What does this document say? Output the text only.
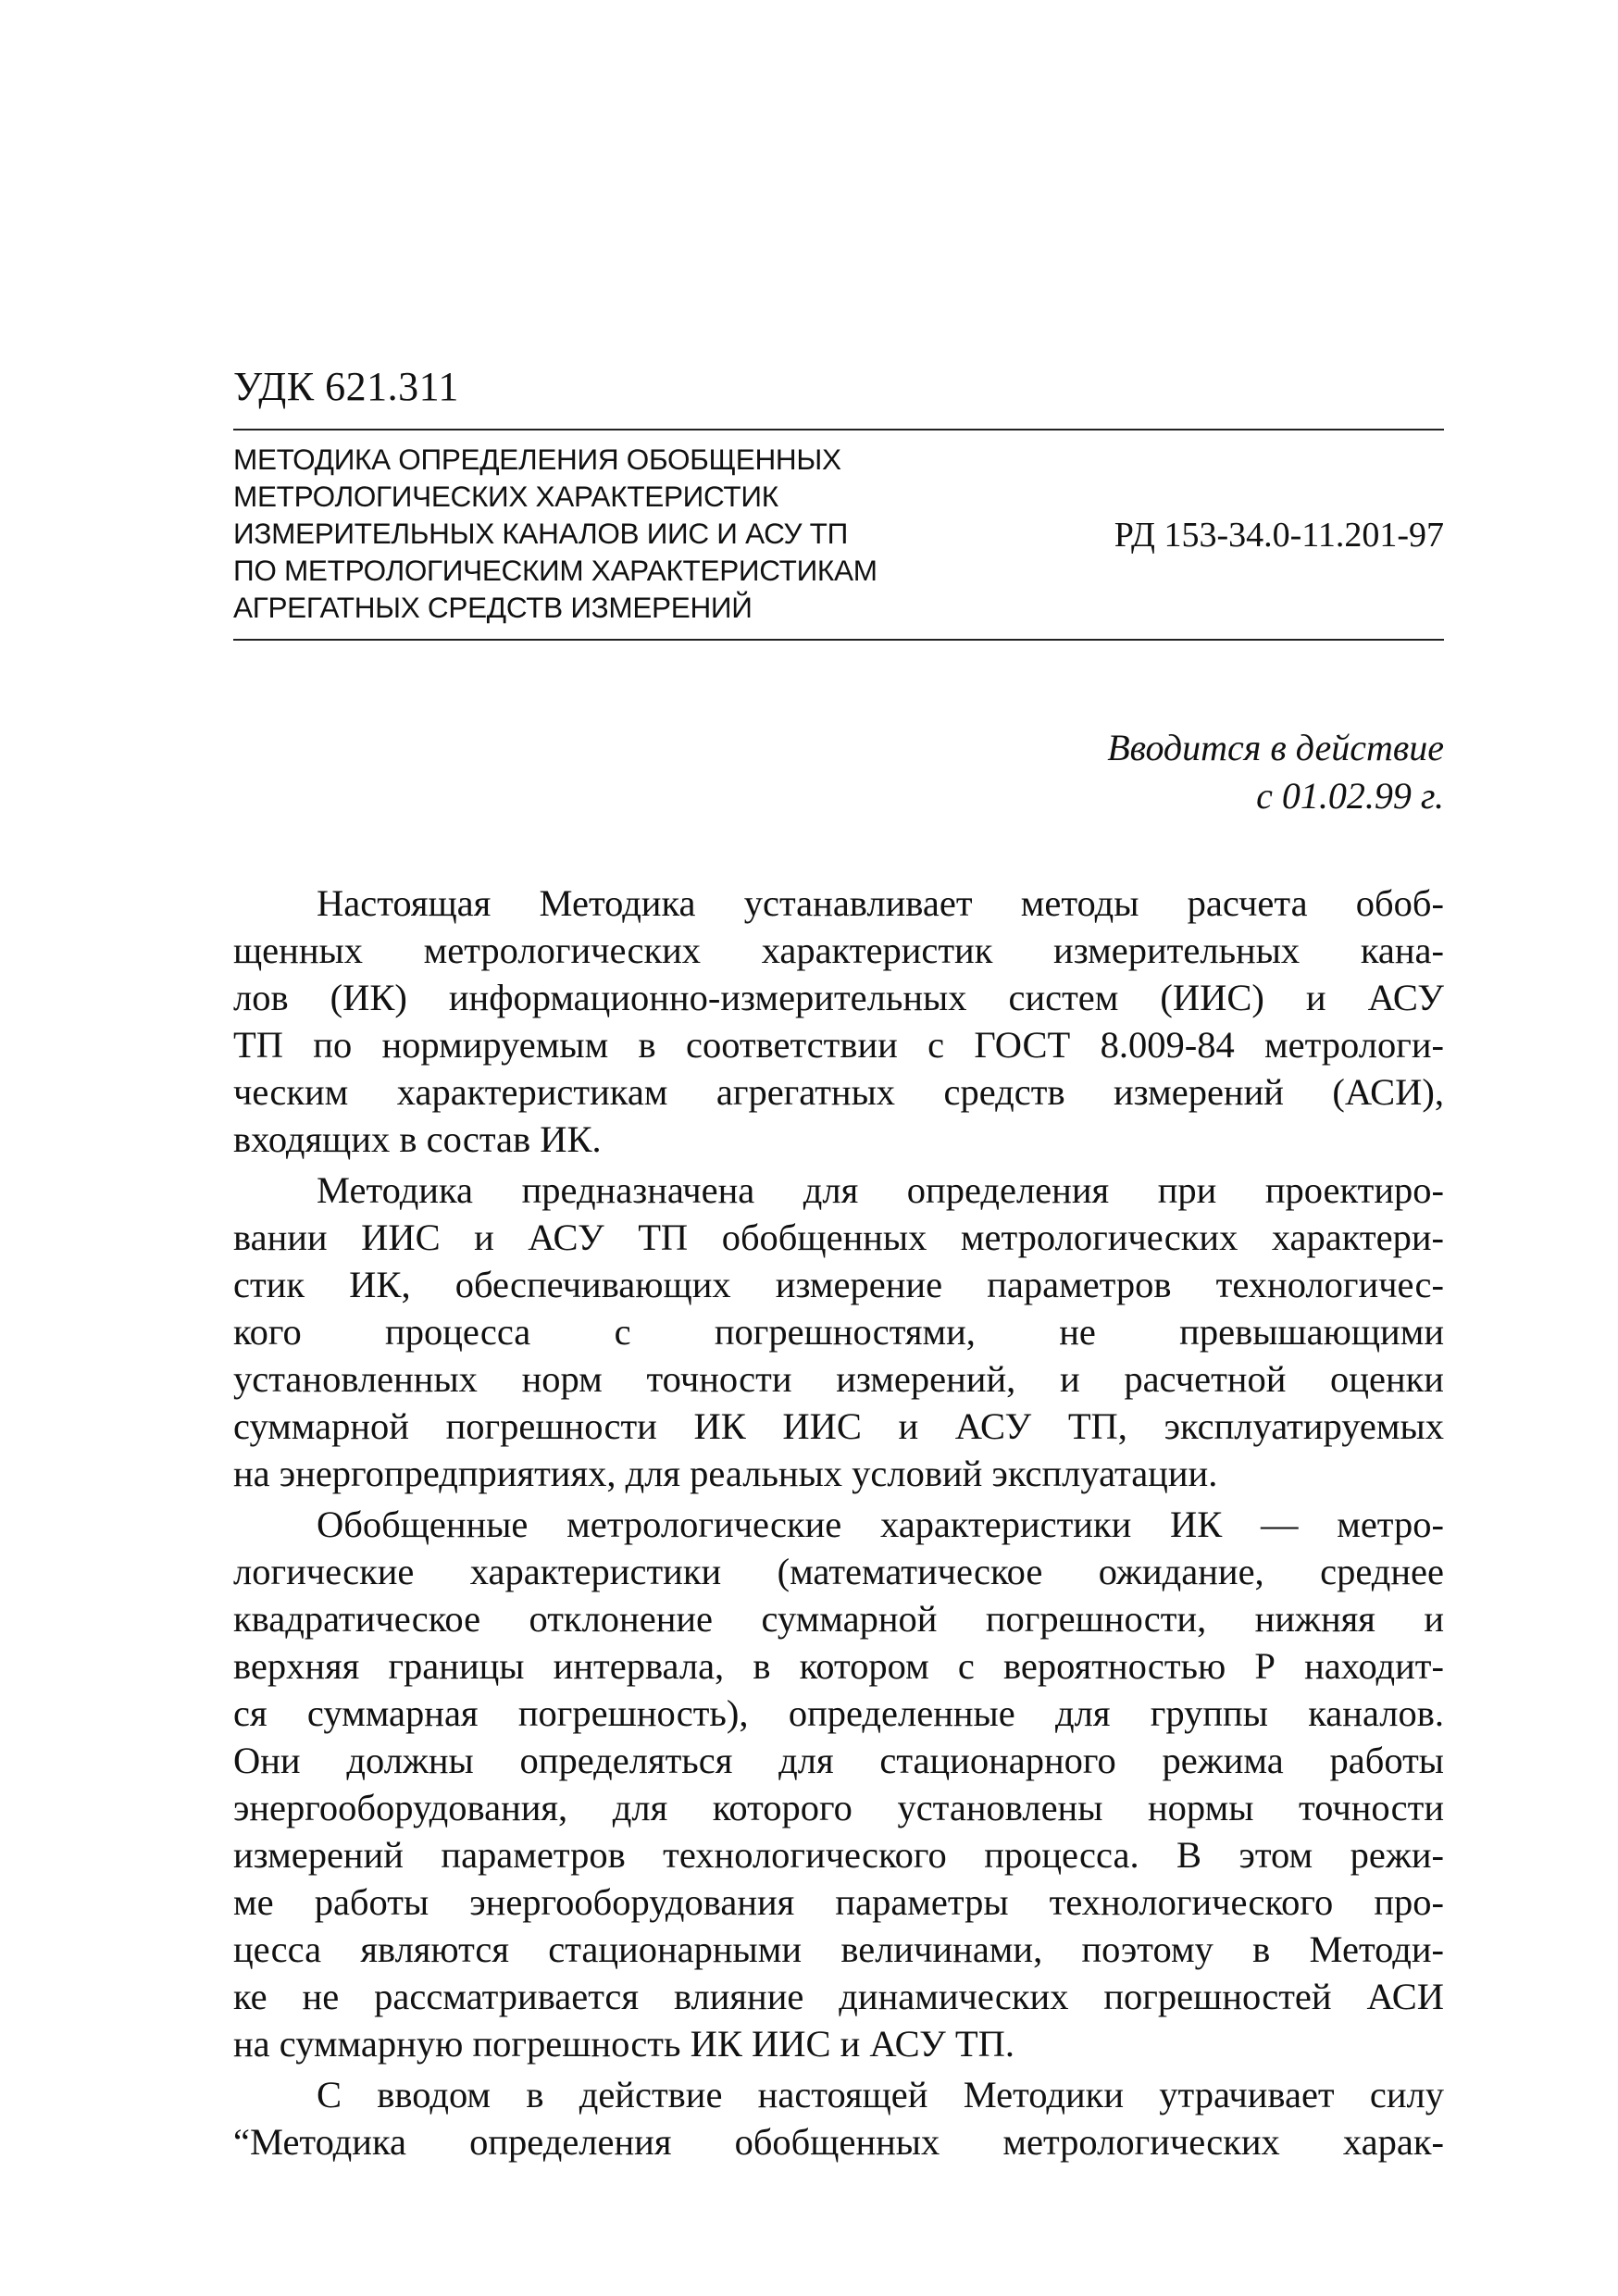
УДК 621.311
МЕТОДИКА ОПРЕДЕЛЕНИЯ ОБОБЩЕННЫХ
МЕТРОЛОГИЧЕСКИХ ХАРАКТЕРИСТИК
ИЗМЕРИТЕЛЬНЫХ КАНАЛОВ ИИС И АСУ ТП
ПО МЕТРОЛОГИЧЕСКИМ ХАРАКТЕРИСТИКАМ
АГРЕГАТНЫХ СРЕДСТВ ИЗМЕРЕНИЙ
РД 153-34.0-11.201-97
Вводится в действие
с 01.02.99 г.
Настоящая Методика устанавливает методы расчета обоб-
щенных метрологических характеристик измерительных кана-
лов (ИК) информационно-измерительных систем (ИИС) и АСУ
ТП по нормируемым в соответствии с ГОСТ 8.009-84 метрологи-
ческим характеристикам агрегатных средств измерений (АСИ),
входящих в состав ИК.
Методика предназначена для определения при проектиро-
вании ИИС и АСУ ТП обобщенных метрологических характери-
стик ИК, обеспечивающих измерение параметров технологичес-
кого процесса с погрешностями, не превышающими
установленных норм точности измерений, и расчетной оценки
суммарной погрешности ИК ИИС и АСУ ТП, эксплуатируемых
на энергопредприятиях, для реальных условий эксплуатации.
Обобщенные метрологические характеристики ИК — метро-
логические характеристики (математическое ожидание, среднее
квадратическое отклонение суммарной погрешности, нижняя и
верхняя границы интервала, в котором с вероятностью Р находит-
ся суммарная погрешность), определенные для группы каналов.
Они должны определяться для стационарного режима работы
энергооборудования, для которого установлены нормы точности
измерений параметров технологического процесса. В этом режи-
ме работы энергооборудования параметры технологического про-
цесса являются стационарными величинами, поэтому в Методи-
ке не рассматривается влияние динамических погрешностей АСИ
на суммарную погрешность ИК ИИС и АСУ ТП.
С вводом в действие настоящей Методики утрачивает силу
“Методика определения обобщенных метрологических харак-
